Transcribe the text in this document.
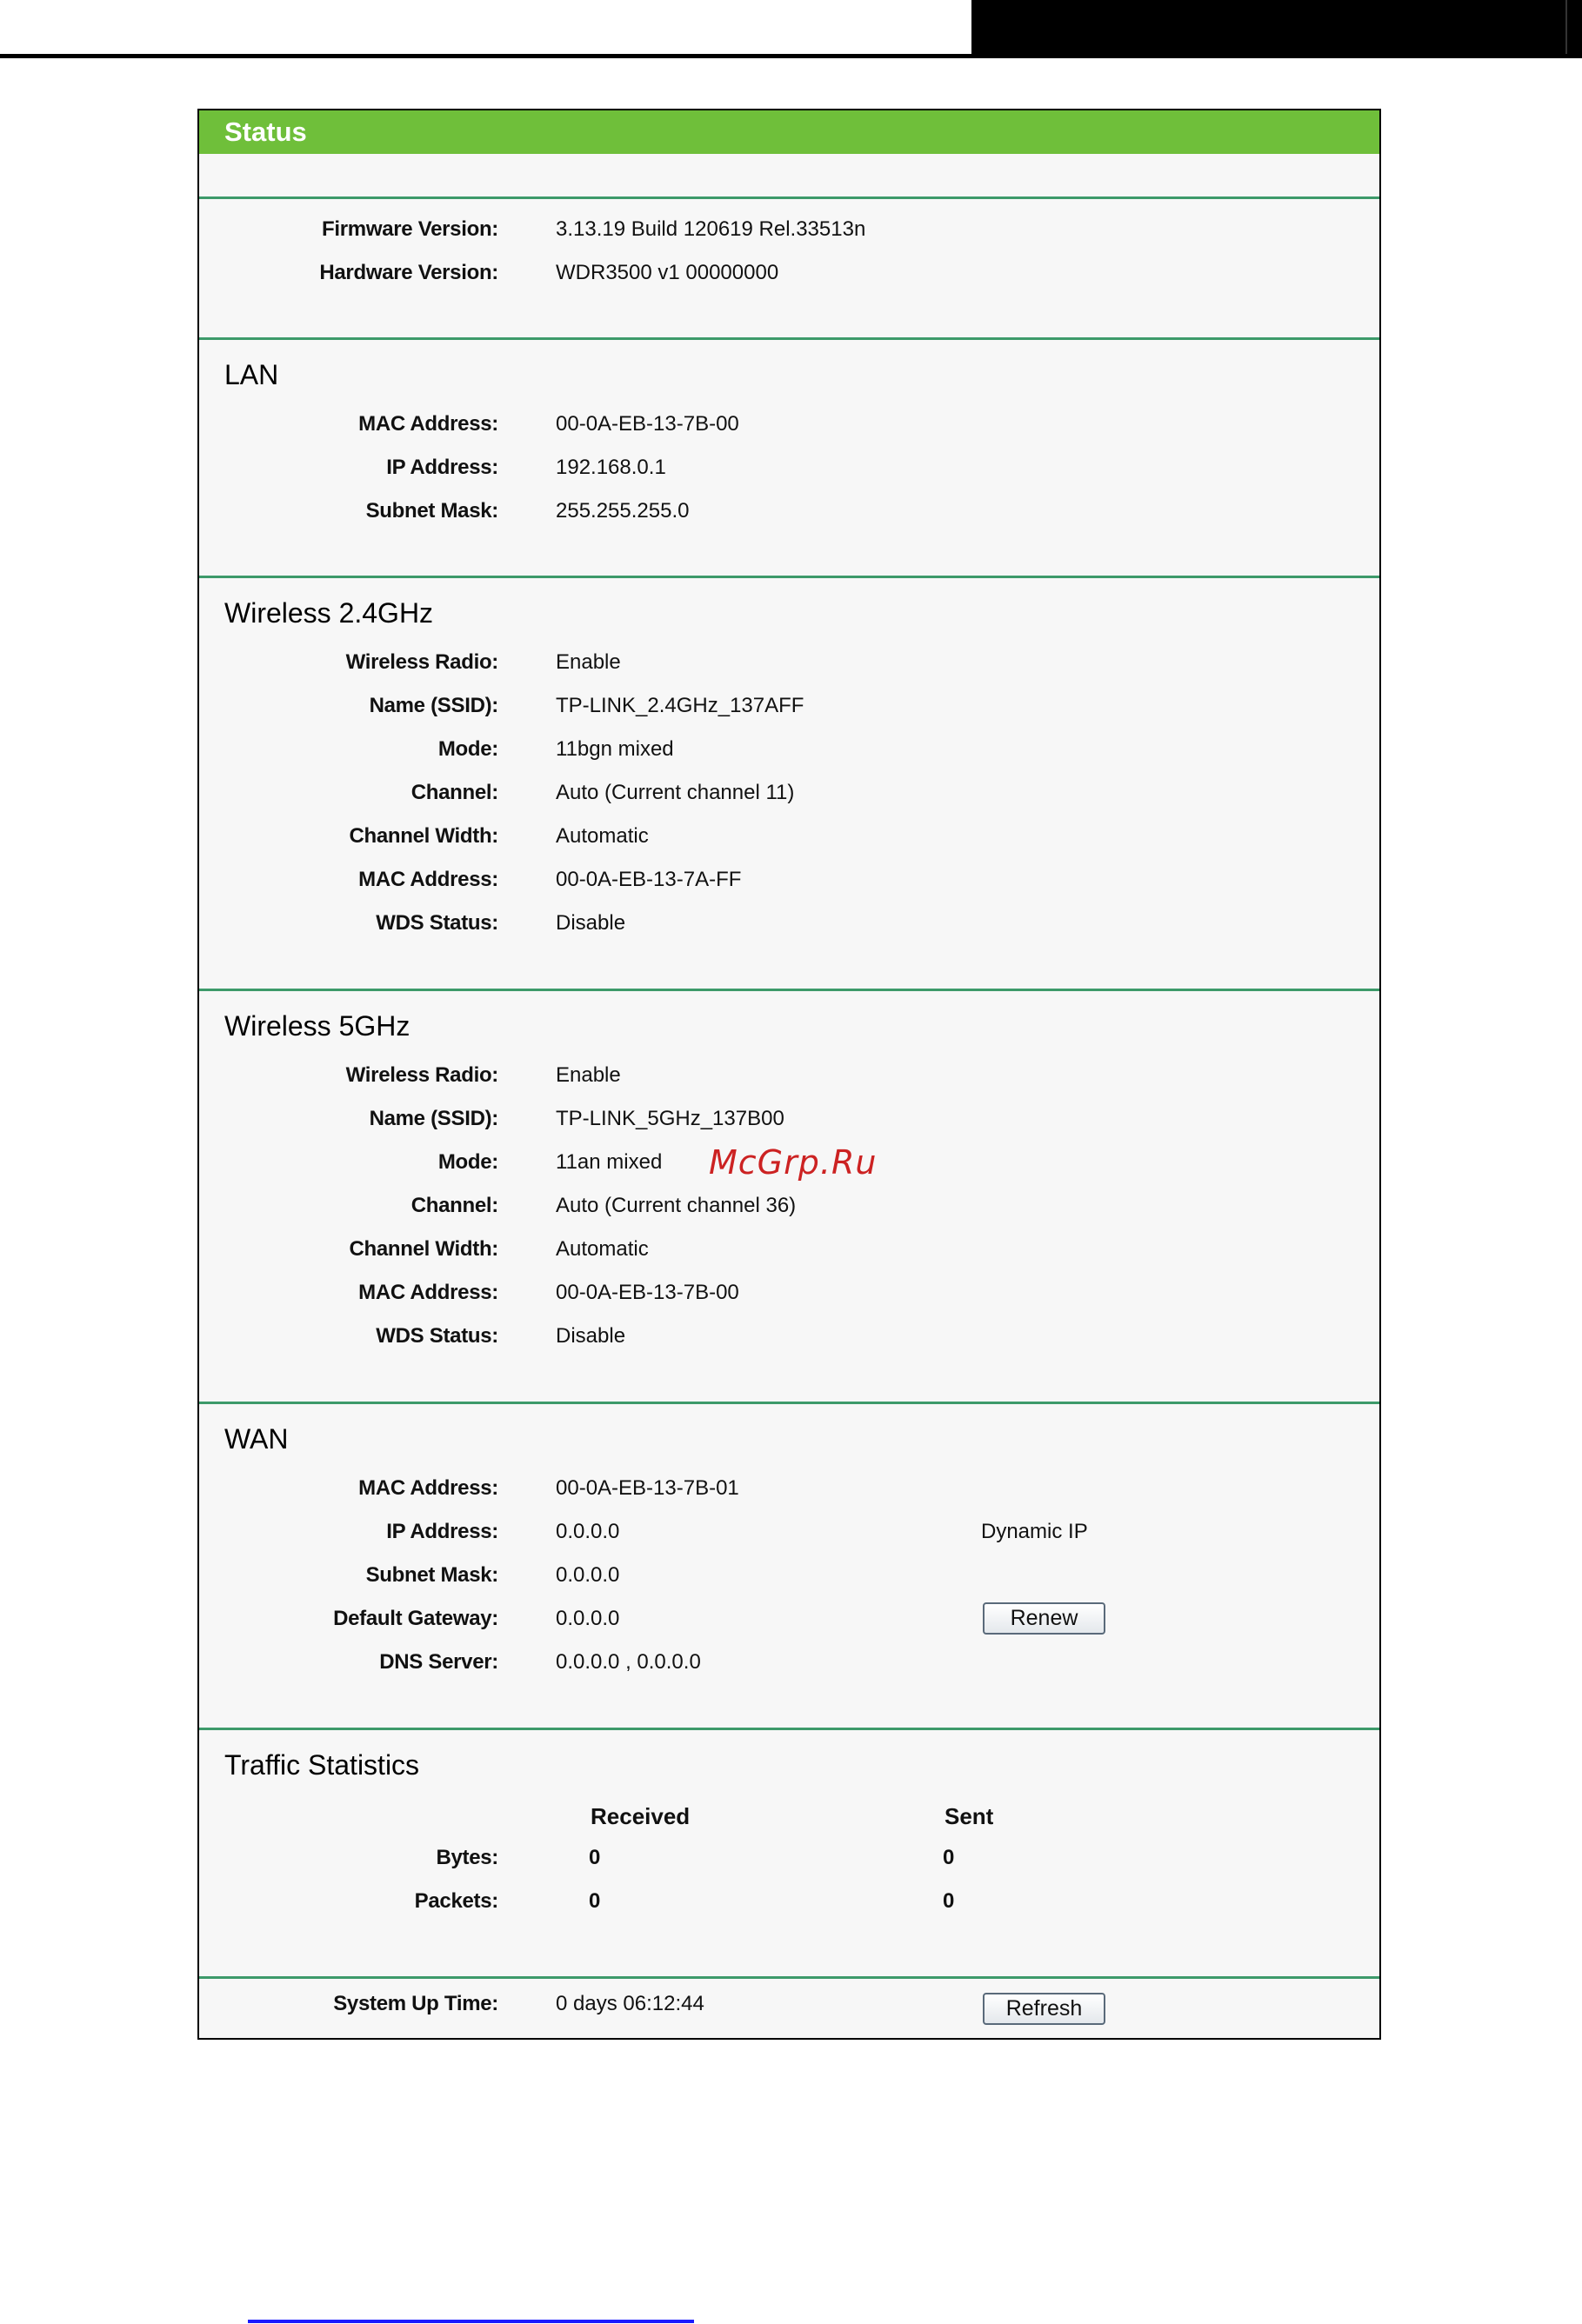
Status
Firmware Version:	3.13.19 Build 120619 Rel.33513n
Hardware Version:	WDR3500 v1 00000000
LAN
MAC Address:	00-0A-EB-13-7B-00
IP Address:	192.168.0.1
Subnet Mask:	255.255.255.0
Wireless 2.4GHz
Wireless Radio:	Enable
Name (SSID):	TP-LINK_2.4GHz_137AFF
Mode:	11bgn mixed
Channel:	Auto (Current channel 11)
Channel Width:	Automatic
MAC Address:	00-0A-EB-13-7A-FF
WDS Status:	Disable
Wireless 5GHz
Wireless Radio:	Enable
Name (SSID):	TP-LINK_5GHz_137B00
Mode:	11an mixed
Channel:	Auto (Current channel 36)
Channel Width:	Automatic
MAC Address:	00-0A-EB-13-7B-00
WDS Status:	Disable
WAN
MAC Address:	00-0A-EB-13-7B-01
IP Address:	0.0.0.0	Dynamic IP
Subnet Mask:	0.0.0.0
Default Gateway:	0.0.0.0	Renew
DNS Server:	0.0.0.0 , 0.0.0.0
Traffic Statistics
Received	Sent
Bytes:	0	0
Packets:	0	0
System Up Time:	0 days 06:12:44	Refresh
McGrp.Ru
